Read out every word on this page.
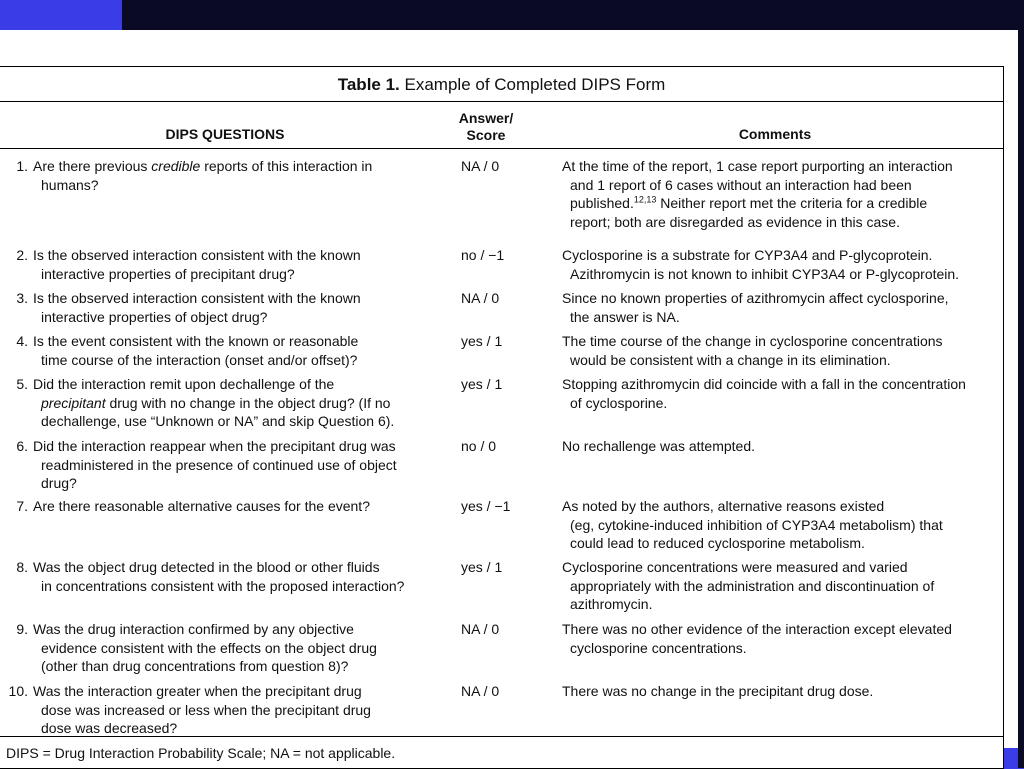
Table 1. Example of Completed DIPS Form
DIPS QUESTIONS
Answer/
Score	Comments
1. Are there previous credible reports of this interaction in
humans?
NA / 0	At the time of the report, 1 case report purporting an interaction
and 1 report of 6 cases without an interaction had been
published.$^{12,13}$ Neither report met the criteria for a credible
report; both are disregarded as evidence in this case.
2. Is the observed interaction consistent with the known
interactive properties of precipitant drug?
no / −1	Cyclosporine is a substrate for CYP3A4 and P-glycoprotein.
Azithromycin is not known to inhibit CYP3A4 or P-glycoprotein.
3. Is the observed interaction consistent with the known
interactive properties of object drug?
NA / 0	Since no known properties of azithromycin affect cyclosporine,
the answer is NA.
4. Is the event consistent with the known or reasonable
time course of the interaction (onset and/or offset)?
yes / 1	The time course of the change in cyclosporine concentrations
would be consistent with a change in its elimination.
5. Did the interaction remit upon dechallenge of the
precipitant drug with no change in the object drug? (If no
dechallenge, use “Unknown or NA” and skip Question 6).
yes / 1	Stopping azithromycin did coincide with a fall in the concentration
of cyclosporine.
6. Did the interaction reappear when the precipitant drug was
readministered in the presence of continued use of object
drug?
no / 0	No rechallenge was attempted.
7. Are there reasonable alternative causes for the event?	yes / −1	As noted by the authors, alternative reasons existed
(eg, cytokine-induced inhibition of CYP3A4 metabolism) that
could lead to reduced cyclosporine metabolism.
8. Was the object drug detected in the blood or other fluids
in concentrations consistent with the proposed interaction?
yes / 1	Cyclosporine concentrations were measured and varied
appropriately with the administration and discontinuation of
azithromycin.
9. Was the drug interaction confirmed by any objective
evidence consistent with the effects on the object drug
(other than drug concentrations from question 8)?
NA / 0	There was no other evidence of the interaction except elevated
cyclosporine concentrations.
10. Was the interaction greater when the precipitant drug
dose was increased or less when the precipitant drug
dose was decreased?
NA / 0	There was no change in the precipitant drug dose.
DIPS = Drug Interaction Probability Scale; NA = not applicable.
